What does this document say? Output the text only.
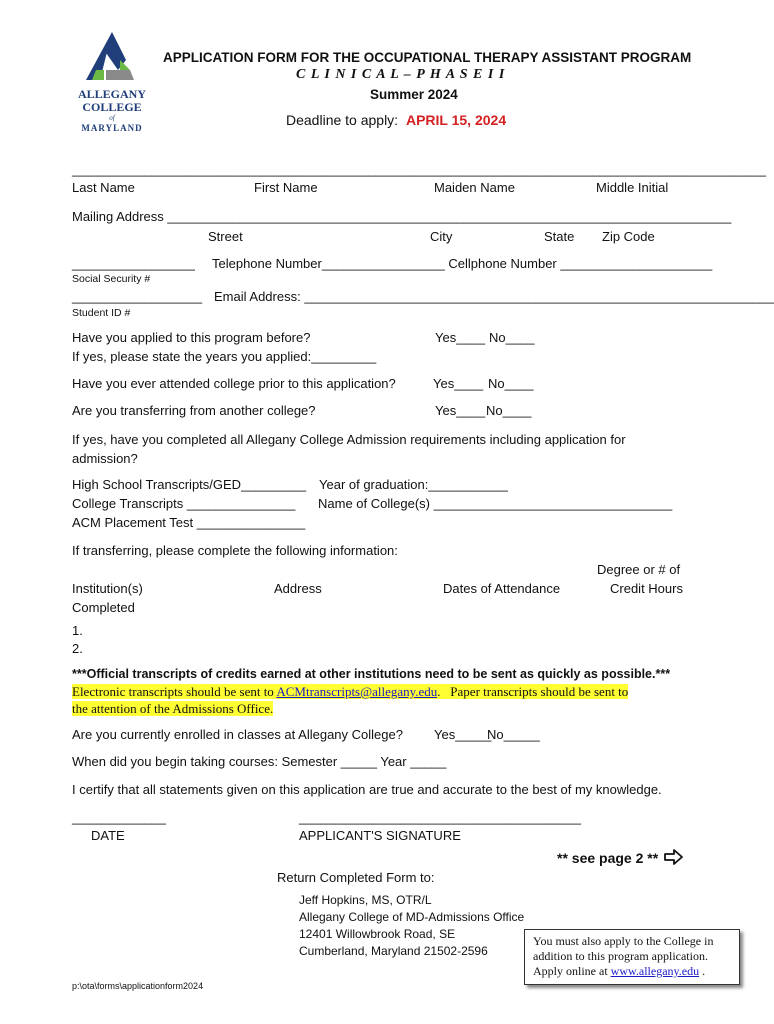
ALLEGANY
COLLEGE
of
MARYLAND
APPLICATION FORM FOR THE OCCUPATIONAL THERAPY ASSISTANT PROGRAM
C L I N I C A L – P H A S E I I
Summer 2024
Deadline to apply: APRIL 15, 2024
________________________________________________________________________________________________
Last Name	First Name	Maiden Name	Middle Initial
Mailing Address ______________________________________________________________________________
Street	City	State Zip Code
_________________ Telephone Number_________________ Cellphone Number _____________________
Social Security #
__________________ Email Address: _________________________________________________________________
Student ID #
Have you applied to this program before?	Yes____ No____
If yes, please state the years you applied:_________
Have you ever attended college prior to this application?	Yes____ No____
Are you transferring from another college?	Yes____ No____
If yes, have you completed all Allegany College Admission requirements including application for admission?
High School Transcripts/GED_________ Year of graduation:___________
College Transcripts _______________ Name of College(s) _________________________________
ACM Placement Test _______________
If transferring, please complete the following information:
Degree or # of
Institution(s)	Address	Dates of Attendance	Credit Hours
Completed
1.
2.
***Official transcripts of credits earned at other institutions need to be sent as quickly as possible.***
Electronic transcripts should be sent to ACMtranscripts@allegany.edu.   Paper transcripts should be sent to
the attention of the Admissions Office.
Are you currently enrolled in classes at Allegany College? Yes_____
No_____
When did you begin taking courses: Semester _____ Year _____
I certify that all statements given on this application are true and accurate to the best of my knowledge.
_____________	_______________________________________
DATE	APPLICANT'S SIGNATURE
** see page 2 **
Return Completed Form to:
Jeff Hopkins, MS, OTR/L
Allegany College of MD-Admissions Office
12401 Willowbrook Road, SE
Cumberland, Maryland 21502-2596
You must also apply to the College in addition to this program application. Apply online at www.allegany.edu .
p:\ota\forms\applicationform2024
